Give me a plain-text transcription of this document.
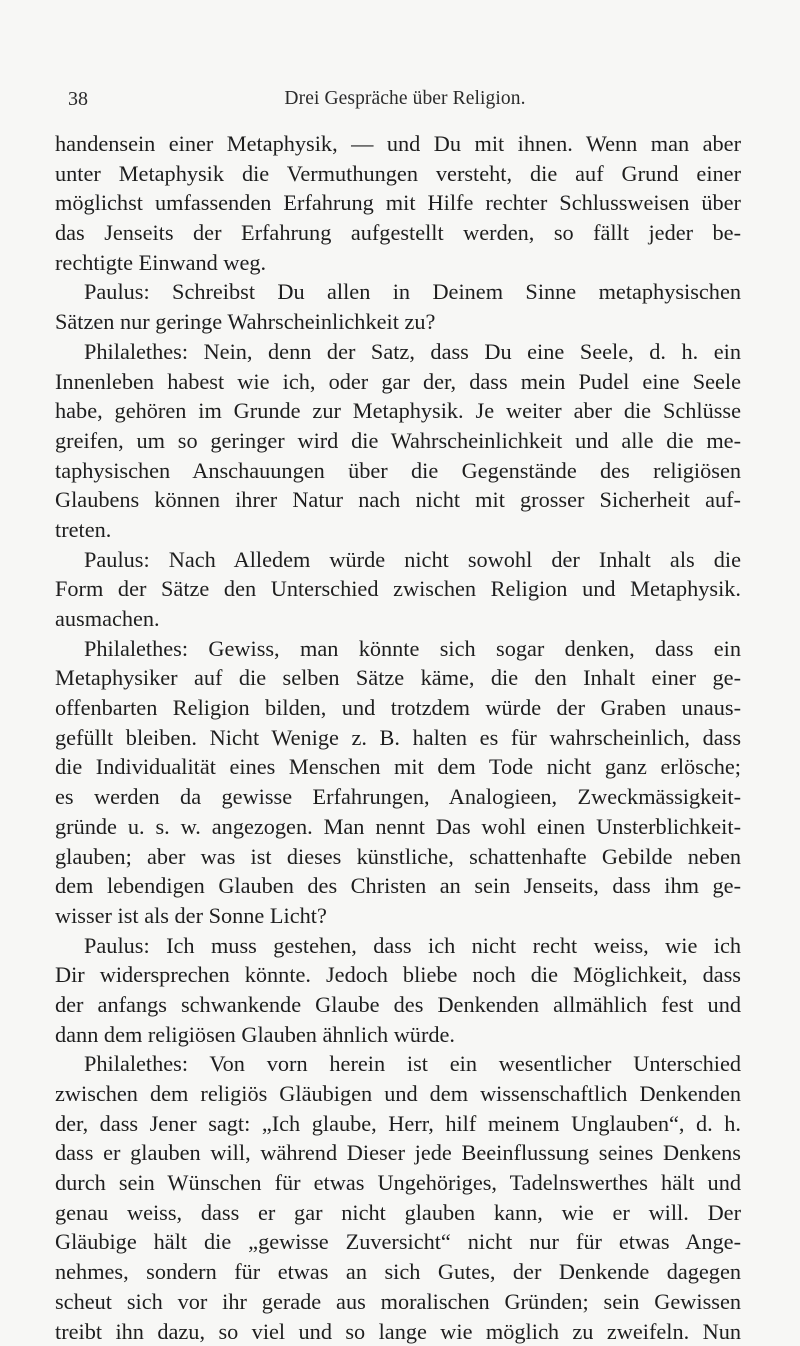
38	Drei Gespräche über Religion.
handensein einer Metaphysik, — und Du mit ihnen. Wenn man aber
unter Metaphysik die Vermuthungen versteht, die auf Grund einer
möglichst umfassenden Erfahrung mit Hilfe rechter Schlussweisen über
das Jenseits der Erfahrung aufgestellt werden, so fällt jeder be-
rechtigte Einwand weg.
Paulus: Schreibst Du allen in Deinem Sinne metaphysischen
Sätzen nur geringe Wahrscheinlichkeit zu?
Philalethes: Nein, denn der Satz, dass Du eine Seele, d. h. ein
Innenleben habest wie ich, oder gar der, dass mein Pudel eine Seele
habe, gehören im Grunde zur Metaphysik. Je weiter aber die Schlüsse
greifen, um so geringer wird die Wahrscheinlichkeit und alle die me-
taphysischen Anschauungen über die Gegenstände des religiösen
Glaubens können ihrer Natur nach nicht mit grosser Sicherheit auf-
treten.
Paulus: Nach Alledem würde nicht sowohl der Inhalt als die
Form der Sätze den Unterschied zwischen Religion und Metaphysik.
ausmachen.
Philalethes: Gewiss, man könnte sich sogar denken, dass ein
Metaphysiker auf die selben Sätze käme, die den Inhalt einer ge-
offenbarten Religion bilden, und trotzdem würde der Graben unaus-
gefüllt bleiben. Nicht Wenige z. B. halten es für wahrscheinlich, dass
die Individualität eines Menschen mit dem Tode nicht ganz erlösche;
es werden da gewisse Erfahrungen, Analogieen, Zweckmässigkeit-
gründe u. s. w. angezogen. Man nennt Das wohl einen Unsterblichkeit-
glauben; aber was ist dieses künstliche, schattenhafte Gebilde neben
dem lebendigen Glauben des Christen an sein Jenseits, dass ihm ge-
wisser ist als der Sonne Licht?
Paulus: Ich muss gestehen, dass ich nicht recht weiss, wie ich
Dir widersprechen könnte. Jedoch bliebe noch die Möglichkeit, dass
der anfangs schwankende Glaube des Denkenden allmählich fest und
dann dem religiösen Glauben ähnlich würde.
Philalethes: Von vorn herein ist ein wesentlicher Unterschied
zwischen dem religiös Gläubigen und dem wissenschaftlich Denkenden
der, dass Jener sagt: „Ich glaube, Herr, hilf meinem Unglauben“, d. h.
dass er glauben will, während Dieser jede Beeinflussung seines Denkens
durch sein Wünschen für etwas Ungehöriges, Tadelnswerthes hält und
genau weiss, dass er gar nicht glauben kann, wie er will. Der
Gläubige hält die „gewisse Zuversicht“ nicht nur für etwas Ange-
nehmes, sondern für etwas an sich Gutes, der Denkende dagegen
scheut sich vor ihr gerade aus moralischen Gründen; sein Gewissen
treibt ihn dazu, so viel und so lange wie möglich zu zweifeln. Nun
